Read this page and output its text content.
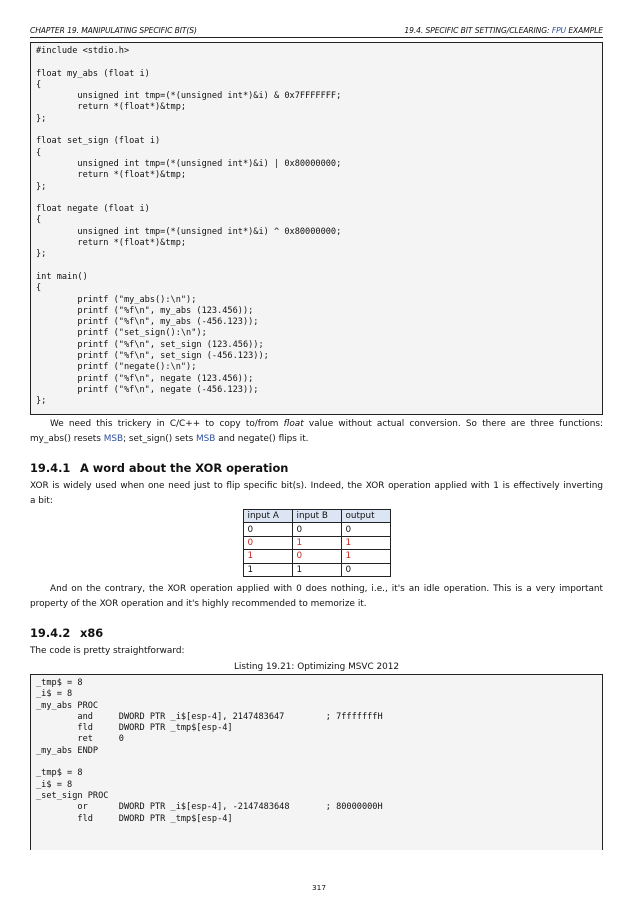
CHAPTER 19. MANIPULATING SPECIFIC BIT(S)	19.4. SPECIFIC BIT SETTING/CLEARING: FPU EXAMPLE
#include <stdio.h>

float my_abs (float i)
{
unsigned int tmp=(*(unsigned int*)&i) & 0x7FFFFFFF;
return *(float*)&tmp;
};

float set_sign (float i)
{
unsigned int tmp=(*(unsigned int*)&i) | 0x80000000;
return *(float*)&tmp;
};

float negate (float i)
{
unsigned int tmp=(*(unsigned int*)&i) ^ 0x80000000;
return *(float*)&tmp;
};

int main()
{
printf ("my_abs():\n");
printf ("%f\n", my_abs (123.456));
printf ("%f\n", my_abs (-456.123));
printf ("set_sign():\n");
printf ("%f\n", set_sign (123.456));
printf ("%f\n", set_sign (-456.123));
printf ("negate():\n");
printf ("%f\n", negate (123.456));
printf ("%f\n", negate (-456.123));
};

We need this trickery in C/C++ to copy to/from float value without actual conversion. So there are three functions:

my_abs() resets MSB; set_sign() sets MSB and negate() flips it.

19.4.1 A word about the XOR operation

XOR is widely used when one need just to flip specific bit(s). Indeed, the XOR operation applied with 1 is effectively inverting

a bit:

input A	input B	output
0	0	0
0	1	1
1	0	1
1	1	0

And on the contrary, the XOR operation applied with 0 does nothing, i.e., it's an idle operation. This is a very important

property of the XOR operation and it's highly recommended to memorize it.

19.4.2 x86

The code is pretty straightforward:

Listing 19.21: Optimizing MSVC 2012

_tmp$ = 8
_i$ = 8
_my_abs PROC
and     DWORD PTR _i$[esp-4], 2147483647        ; 7fffffffH
fld     DWORD PTR _tmp$[esp-4]
ret     0
_my_abs ENDP

_tmp$ = 8
_i$ = 8
_set_sign PROC
or      DWORD PTR _i$[esp-4], -2147483648       ; 80000000H
fld     DWORD PTR _tmp$[esp-4]
317
